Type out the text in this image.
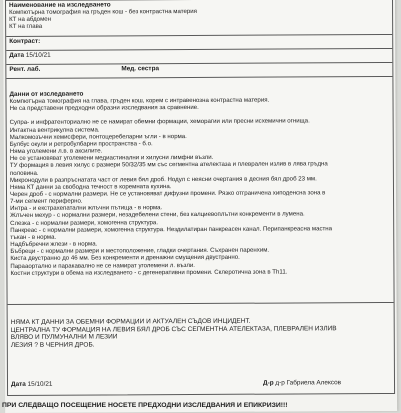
Наименование на изследването
Компютърна томография на гръден кош - без контрастна материя
КТ на абдомен
КТ на глава
Контраст:
Дата 15/10/21
Рент. лаб.	Мед. сестра
Данни от изследването
Компютърна томография на глава, гръден кош, корем с интравенозна контрастна материя.
Не са представени предходни образни изследвания за сравнение.
Супра- и инфратенториално не се намират обемни формации, хеморагии или пресни исхемични огнища.
Интактна вентрикулна система.
Малкомозъчни хемисфери, понтоцеребеларни ъгли - в норма.
Булбус окули и ретробулбарни пространства - б.о.
Няма уголемени л.в. в аксилите.
Не се установяват уголемени медиастинални и хилусни лимфни възли.
ТУ формация в левия хилус с размери 50/32/35 мм със сегментна ателектаза и плеврален излив в лява гръдна
половина.
Микронодули в разпръснатата част от левия бял дроб. Нодул с неясни очертания в десния бял дроб 23 мм.
Няма КТ данни за свободна течност в коремната кухина.
Черен дроб - с нормални размери. Не се установяват дифузни промени. Рязко отграничена хиподенсна зона в
7-ми сегмент периферно.
Интра - и екстрахепатални жлъчни пътища - в норма.
Жлъчен мехур - с нормални размери, незадебелени стени, без калциевоплътни конкременти в лумена.
Слезка - с нормални размери, хомогенна структура.
Панкреас - с нормални размери, хомогенна структура. Нездилатиран панкреасен канал. Перипанкреасна мастна
тъкан - в норма.
Надбъбречни жлези - в норма.
Бъбреци - с нормални размери и местоположение, гладки очертания. Съхранен паренхим.
Киста двустранно до 46 мм. Без конкременти и дренажни смущения двустранно.
Парааортално и паракавално не се намират уголемени л. възли.
Костни структури в обема на изследването - с дегенеративни промени. Склеротична зона в Th11.
НЯМА КТ ДАННИ ЗА ОБЕМНИ ФОРМАЦИИ И АКТУАЛЕН СЪДОВ ИНЦИДЕНТ.
ЦЕНТРАЛНА ТУ ФОРМАЦИЯ НА ЛЕВИЯ БЯЛ ДРОБ СЪС СЕГМЕНТНА АТЕЛЕКТАЗА, ПЛЕВРАЛЕН ИЗЛИВ
ВЛЯВО И ПУЛМУНАЛНИ М ЛЕЗИИ
ЛЕЗИЯ ? В ЧЕРНИЯ ДРОБ.
Дата 15/10/21	Д-р д-р Габриела Алексов
ПРИ СЛЕДВАЩО ПОСЕЩЕНИЕ НОСЕТЕ ПРЕДХОДНИ ИЗСЛЕДВАНИЯ И ЕПИКРИЗИ!!!
